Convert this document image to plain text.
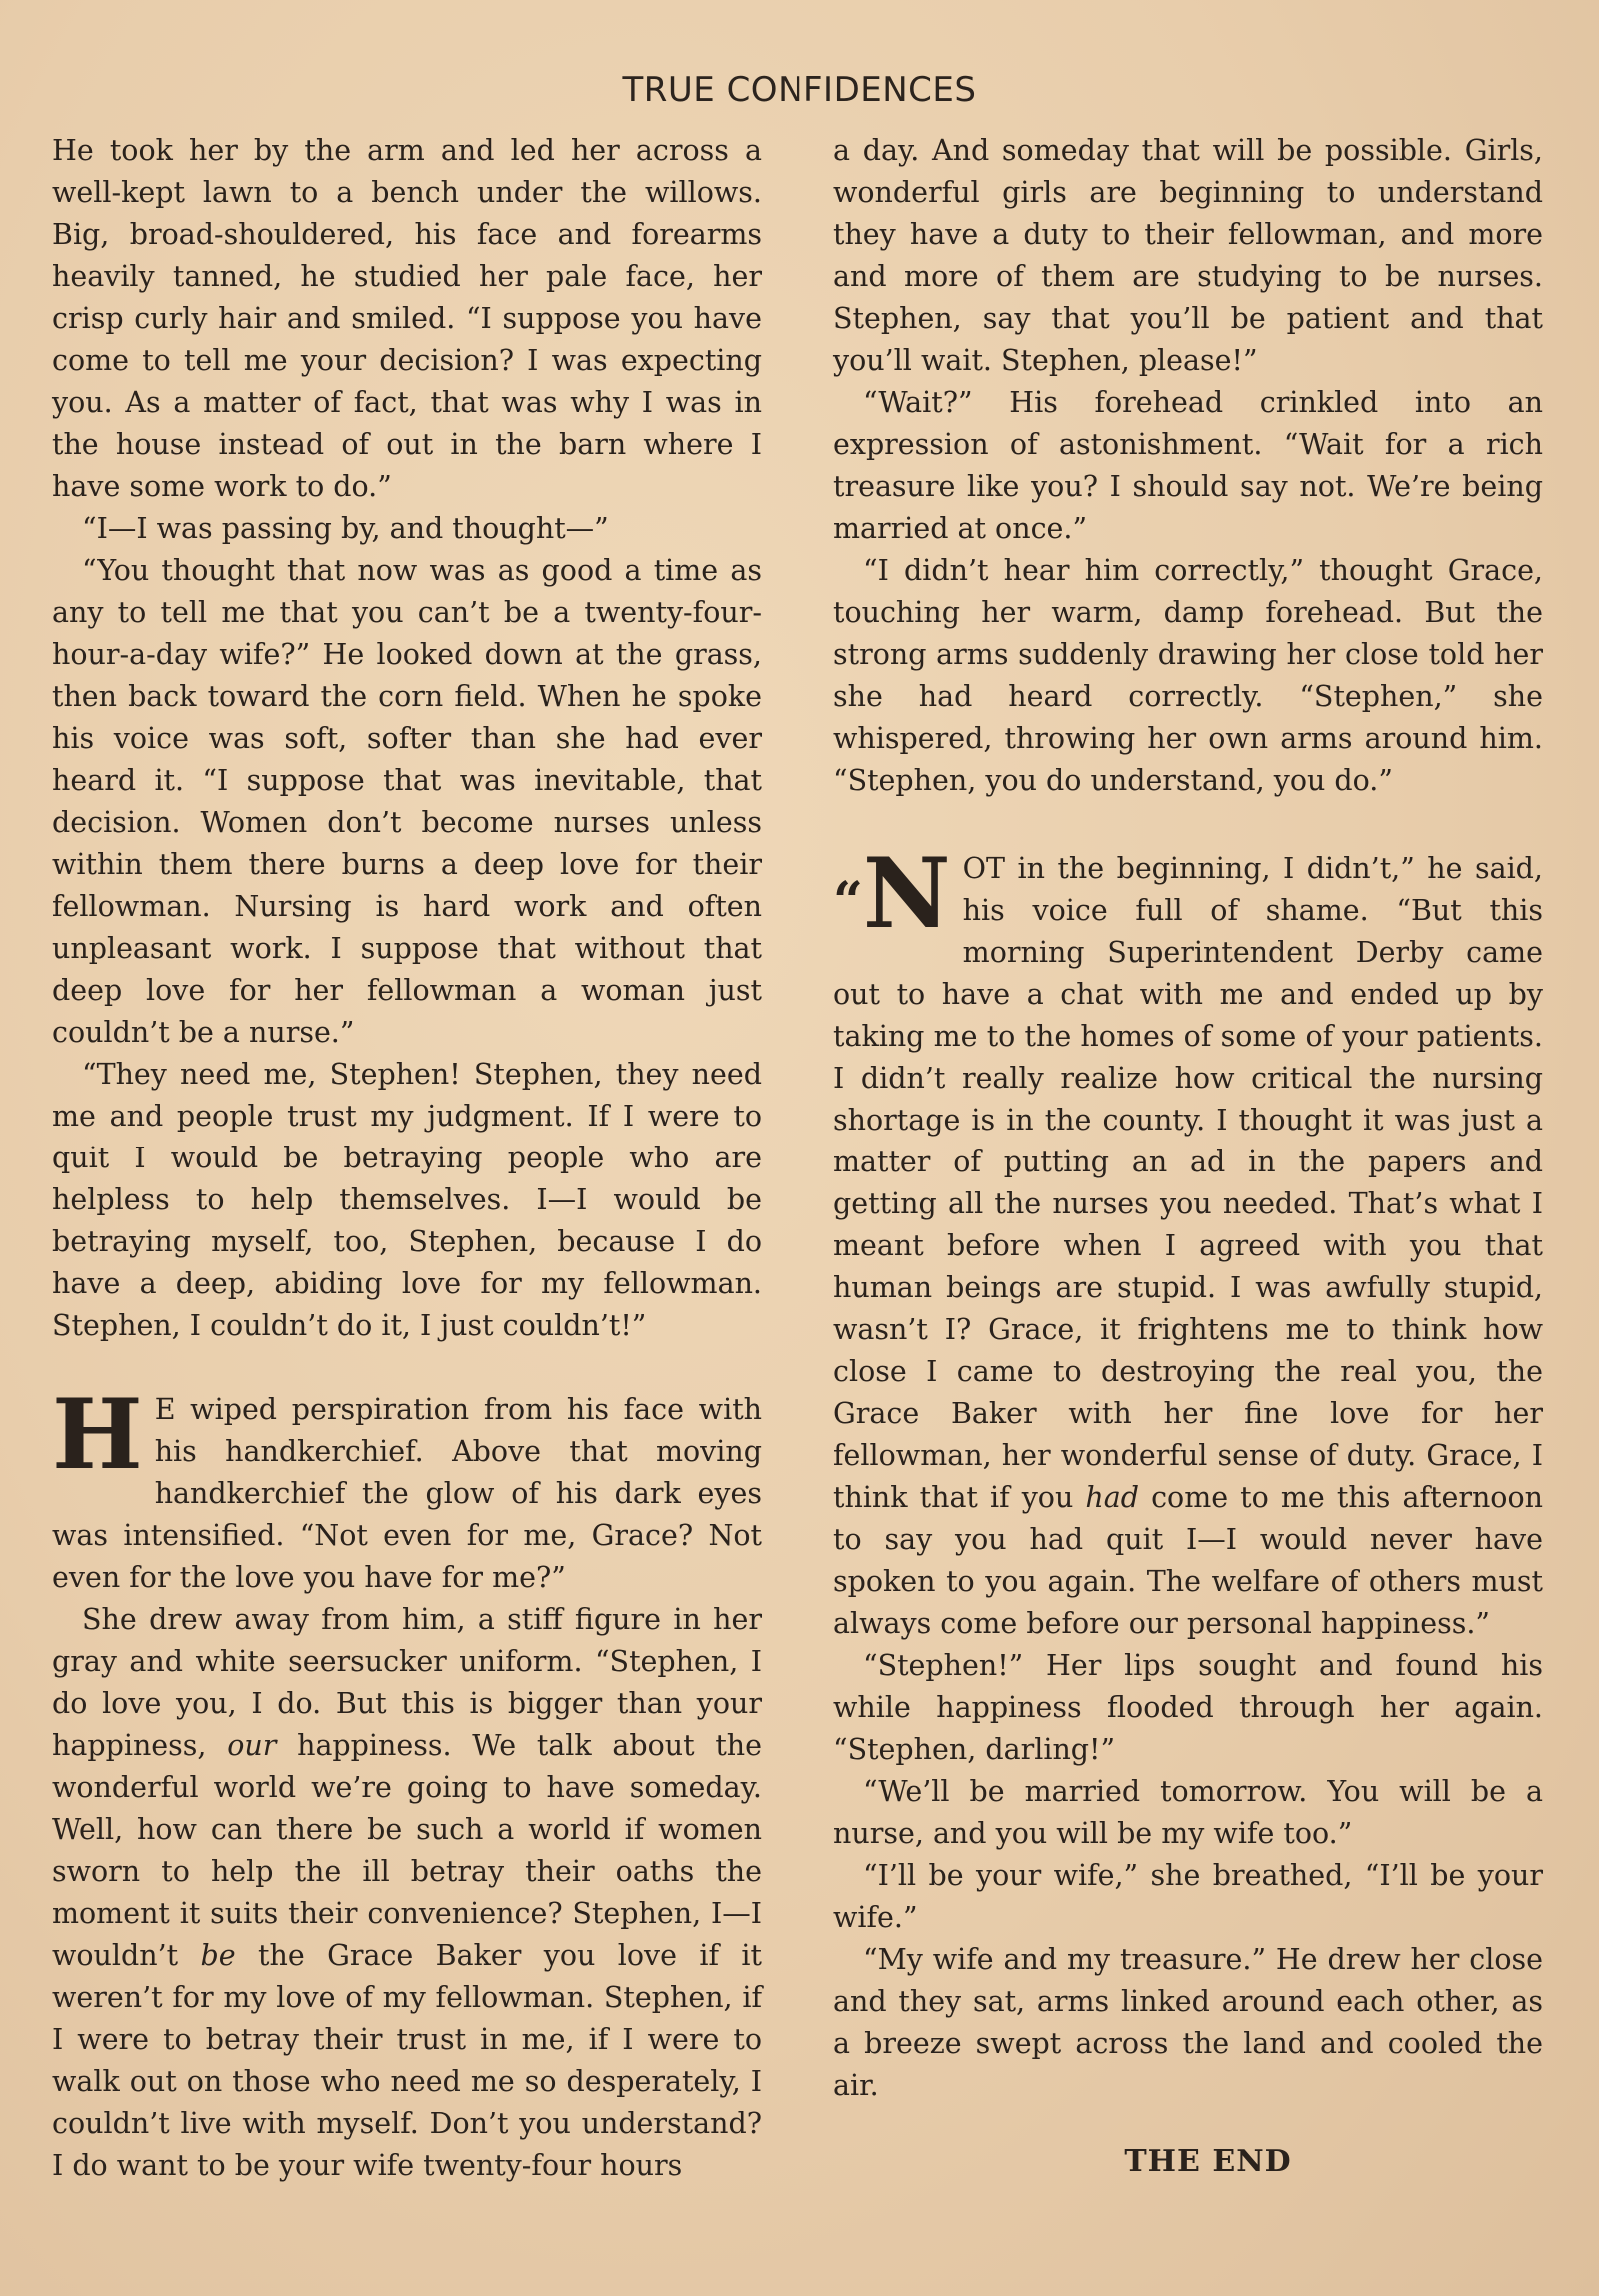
TRUE CONFIDENCES

He took her by the arm and led her across a well-kept lawn to a bench under the willows. Big, broad-shouldered, his face and forearms heavily tanned, he studied her pale face, her crisp curly hair and smiled. “I suppose you have come to tell me your decision? I was expecting you. As a matter of fact, that was why I was in the house instead of out in the barn where I have some work to do.”

“I—I was passing by, and thought—”

“You thought that now was as good a time as any to tell me that you can’t be a twenty-four-hour-a-day wife?” He looked down at the grass, then back toward the corn field. When he spoke his voice was soft, softer than she had ever heard it. “I suppose that was inevitable, that decision. Women don’t become nurses unless within them there burns a deep love for their fellowman. Nursing is hard work and often unpleasant work. I suppose that without that deep love for her fellowman a woman just couldn’t be a nurse.”

“They need me, Stephen! Stephen, they need me and people trust my judgment. If I were to quit I would be betraying people who are helpless to help themselves. I—I would be betraying myself, too, Stephen, because I do have a deep, abiding love for my fellowman. Stephen, I couldn’t do it, I just couldn’t!”

H E wiped perspiration from his face with his handkerchief. Above that moving handkerchief the glow of his dark eyes was intensified. “Not even for me, Grace? Not even for the love you have for me?”

She drew away from him, a stiff figure in her gray and white seersucker uniform. “Stephen, I do love you, I do. But this is bigger than your happiness, our happiness. We talk about the wonderful world we’re going to have someday. Well, how can there be such a world if women sworn to help the ill betray their oaths the moment it suits their convenience? Stephen, I—I wouldn’t be the Grace Baker you love if it weren’t for my love of my fellowman. Stephen, if I were to betray their trust in me, if I were to walk out on those who need me so desperately, I couldn’t live with myself. Don’t you understand? I do want to be your wife twenty-four hours

a day. And someday that will be possible. Girls, wonderful girls are beginning to understand they have a duty to their fellowman, and more and more of them are studying to be nurses. Stephen, say that you’ll be patient and that you’ll wait. Stephen, please!”

“Wait?” His forehead crinkled into an expression of astonishment. “Wait for a rich treasure like you? I should say not. We’re being married at once.”

“I didn’t hear him correctly,” thought Grace, touching her warm, damp forehead. But the strong arms suddenly drawing her close told her she had heard correctly. “Stephen,” she whispered, throwing her own arms around him. “Stephen, you do understand, you do.”

“N OT in the beginning, I didn’t,” he said, his voice full of shame. “But this morning Superintendent Derby came out to have a chat with me and ended up by taking me to the homes of some of your patients. I didn’t really realize how critical the nursing shortage is in the county. I thought it was just a matter of putting an ad in the papers and getting all the nurses you needed. That’s what I meant before when I agreed with you that human beings are stupid. I was awfully stupid, wasn’t I? Grace, it frightens me to think how close I came to destroying the real you, the Grace Baker with her fine love for her fellowman, her wonderful sense of duty. Grace, I think that if you had come to me this afternoon to say you had quit I—I would never have spoken to you again. The welfare of others must always come before our personal happiness.”

“Stephen!” Her lips sought and found his while happiness flooded through her again. “Stephen, darling!”

“We’ll be married tomorrow. You will be a nurse, and you will be my wife too.”

“I’ll be your wife,” she breathed, “I’ll be your wife.”

“My wife and my treasure.” He drew her close and they sat, arms linked around each other, as a breeze swept across the land and cooled the air.

THE END
